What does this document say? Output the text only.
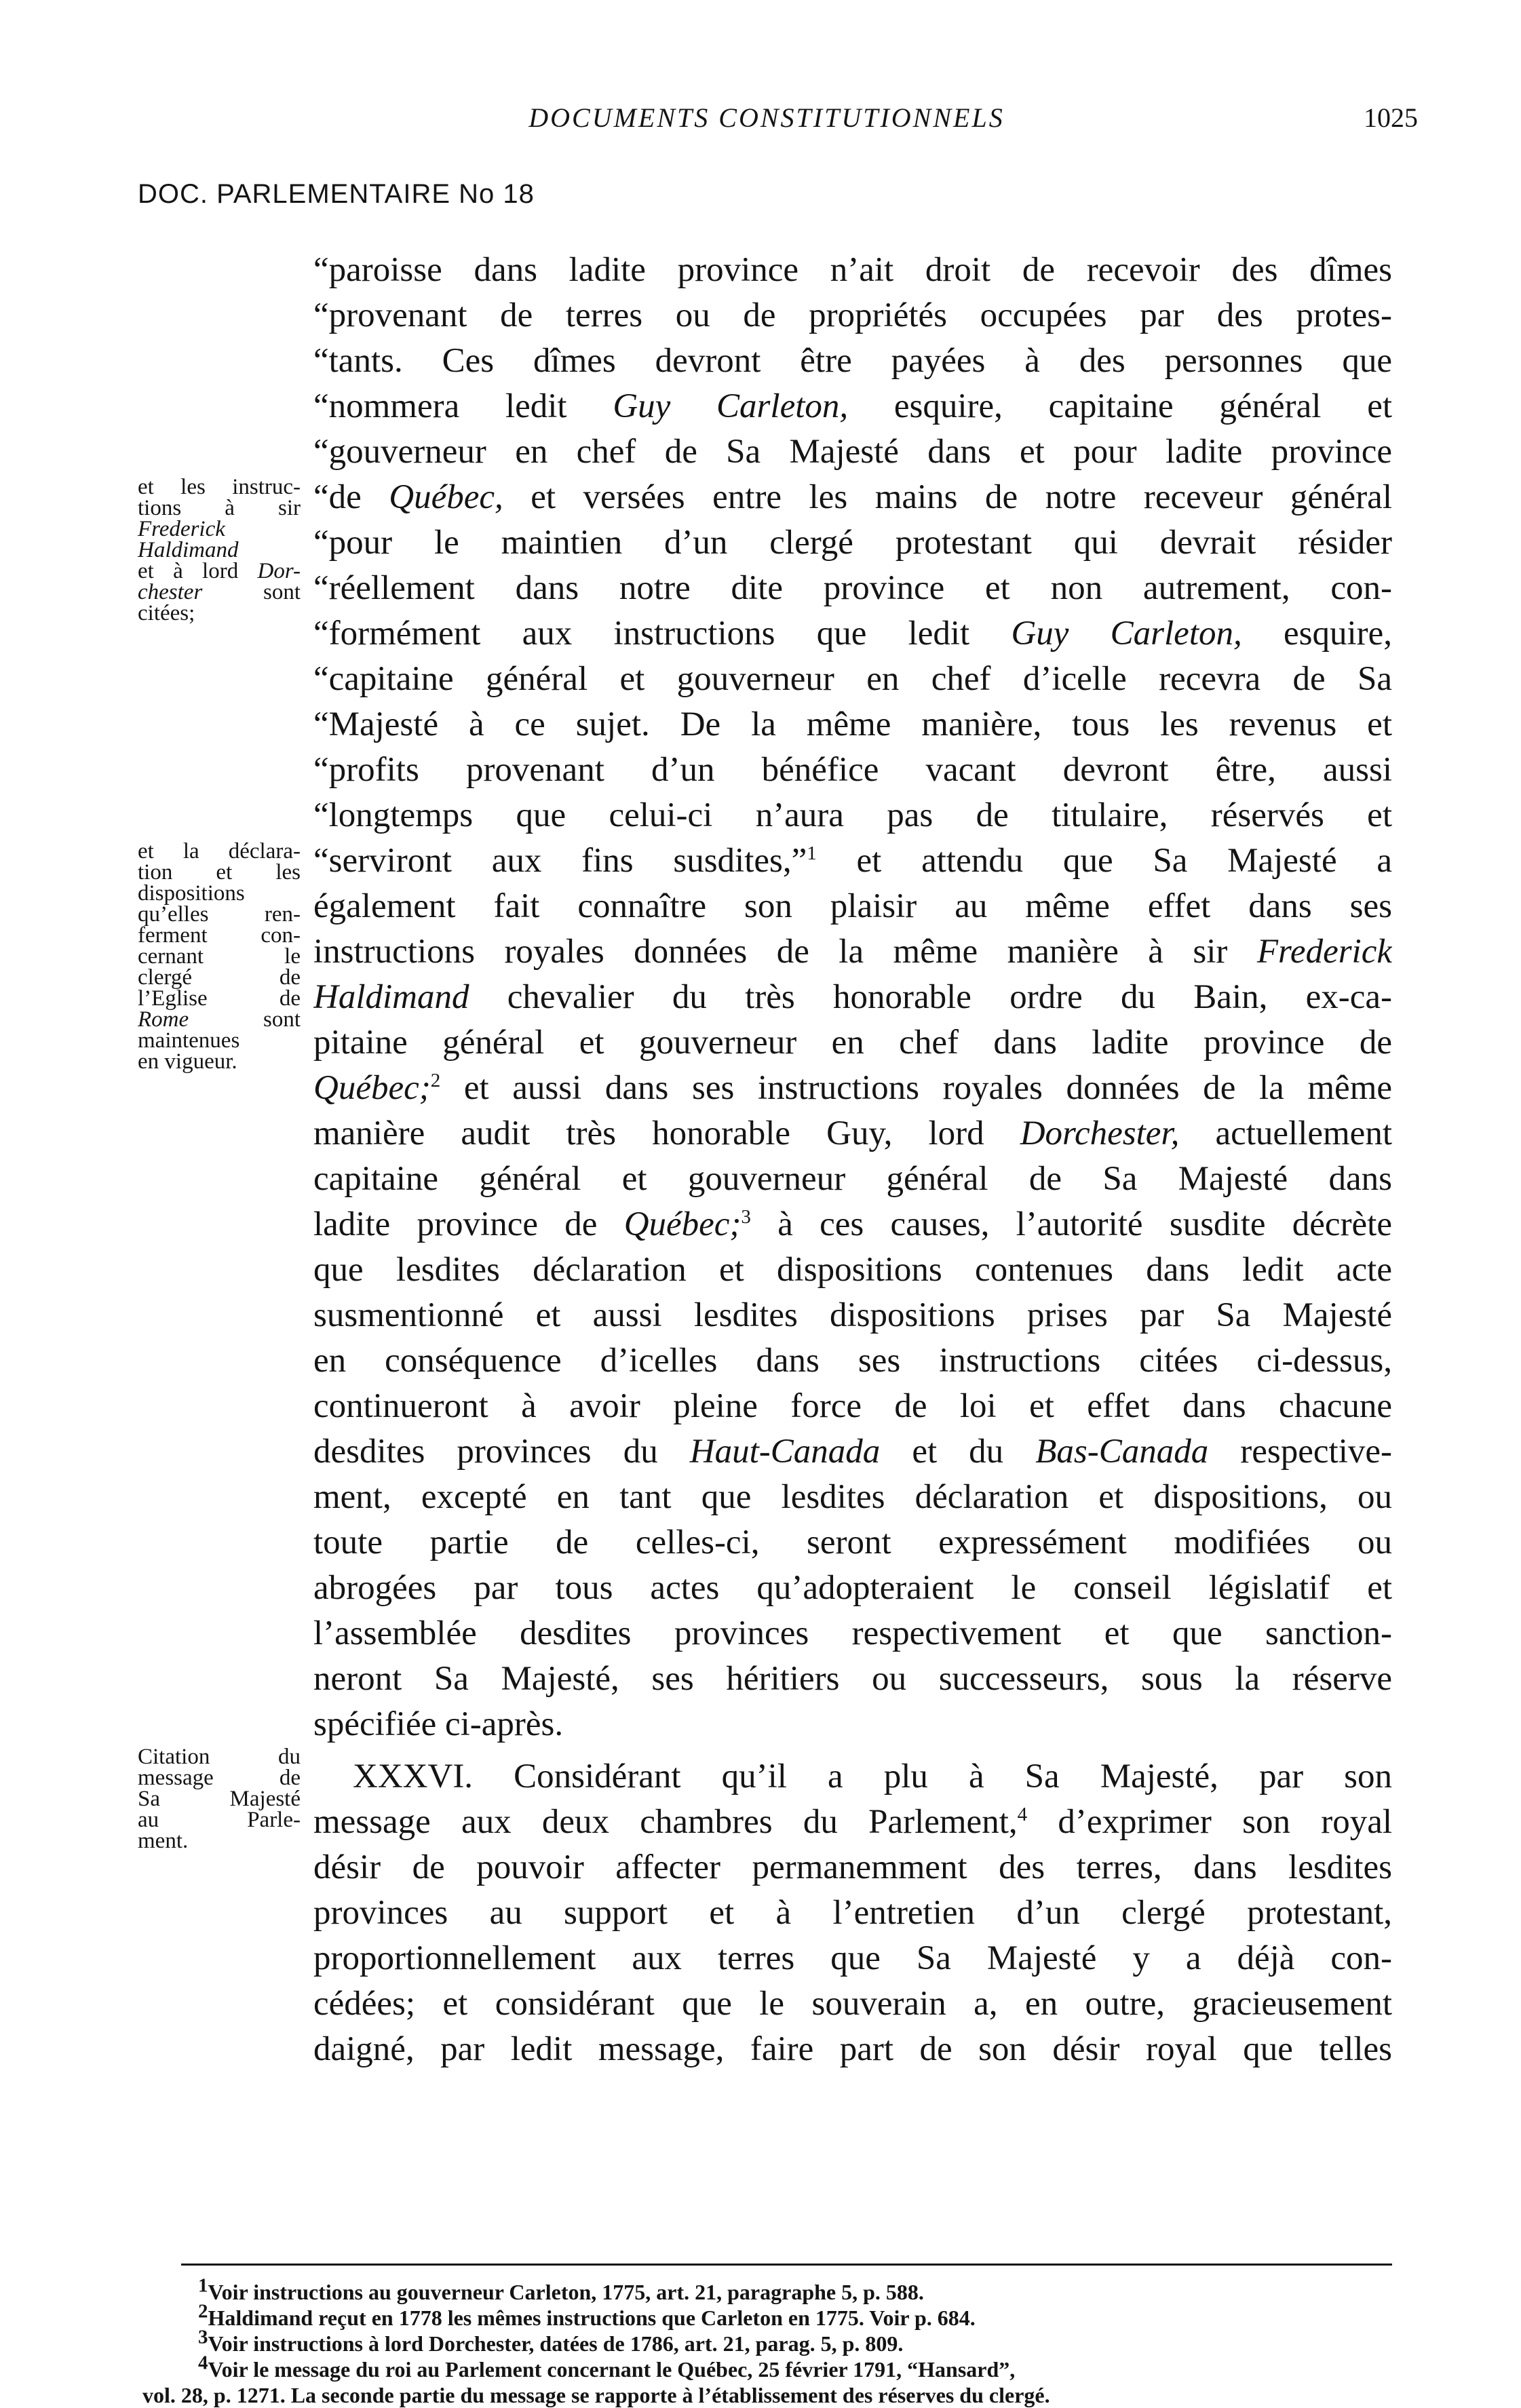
DOCUMENTS CONSTITUTIONNELS	1025
DOC. PARLEMENTAIRE No 18

et les instruc-

tions à sir

Frederick

Haldimand

et à lord Dor-

chester sont

citées;

et la déclara-

tion et les

dispositions

qu’elles ren-

ferment con-

cernant le

clergé de

l’Eglise de

Rome sont

maintenues

en vigueur.

Citation du

message de

Sa Majesté

au Parle-

ment.

“paroisse dans ladite province n’ait droit de recevoir des dîmes

“provenant de terres ou de propriétés occupées par des protes-

“tants. Ces dîmes devront être payées à des personnes que

“nommera ledit Guy Carleton, esquire, capitaine général et

“gouverneur en chef de Sa Majesté dans et pour ladite province

“de Québec, et versées entre les mains de notre receveur général

“pour le maintien d’un clergé protestant qui devrait résider

“réellement dans notre dite province et non autrement, con-

“formément aux instructions que ledit Guy Carleton, esquire,

“capitaine général et gouverneur en chef d’icelle recevra de Sa

“Majesté à ce sujet. De la même manière, tous les revenus et

“profits provenant d’un bénéfice vacant devront être, aussi

“longtemps que celui-ci n’aura pas de titulaire, réservés et

“serviront aux fins susdites,”$^1$ et attendu que Sa Majesté a

également fait connaître son plaisir au même effet dans ses

instructions royales données de la même manière à sir Frederick

Haldimand chevalier du très honorable ordre du Bain, ex-ca-

pitaine général et gouverneur en chef dans ladite province de

Québec;$^2$ et aussi dans ses instructions royales données de la même

manière audit très honorable Guy, lord Dorchester, actuellement

capitaine général et gouverneur général de Sa Majesté dans

ladite province de Québec;$^3$ à ces causes, l’autorité susdite décrète

que lesdites déclaration et dispositions contenues dans ledit acte

susmentionné et aussi lesdites dispositions prises par Sa Majesté

en conséquence d’icelles dans ses instructions citées ci-dessus,

continueront à avoir pleine force de loi et effet dans chacune

desdites provinces du Haut-Canada et du Bas-Canada respective-

ment, excepté en tant que lesdites déclaration et dispositions, ou

toute partie de celles-ci, seront expressément modifiées ou

abrogées par tous actes qu’adopteraient le conseil législatif et

l’assemblée desdites provinces respectivement et que sanction-

neront Sa Majesté, ses héritiers ou successeurs, sous la réserve

spécifiée ci-après.

XXXVI. Considérant qu’il a plu à Sa Majesté, par son

message aux deux chambres du Parlement,$^4$ d’exprimer son royal

désir de pouvoir affecter permanemment des terres, dans lesdites

provinces au support et à l’entretien d’un clergé protestant,

proportionnellement aux terres que Sa Majesté y a déjà con-

cédées; et considérant que le souverain a, en outre, gracieusement

daigné, par ledit message, faire part de son désir royal que telles

$^1$Voir instructions au gouverneur Carleton, 1775, art. 21, paragraphe 5, p. 588.

$^2$Haldimand reçut en 1778 les mêmes instructions que Carleton en 1775. Voir p. 684.

$^3$Voir instructions à lord Dorchester, datées de 1786, art. 21, parag. 5, p. 809.

$^4$Voir le message du roi au Parlement concernant le Québec, 25 février 1791, “Hansard”,

vol. 28, p. 1271. La seconde partie du message se rapporte à l’établissement des réserves du clergé.
